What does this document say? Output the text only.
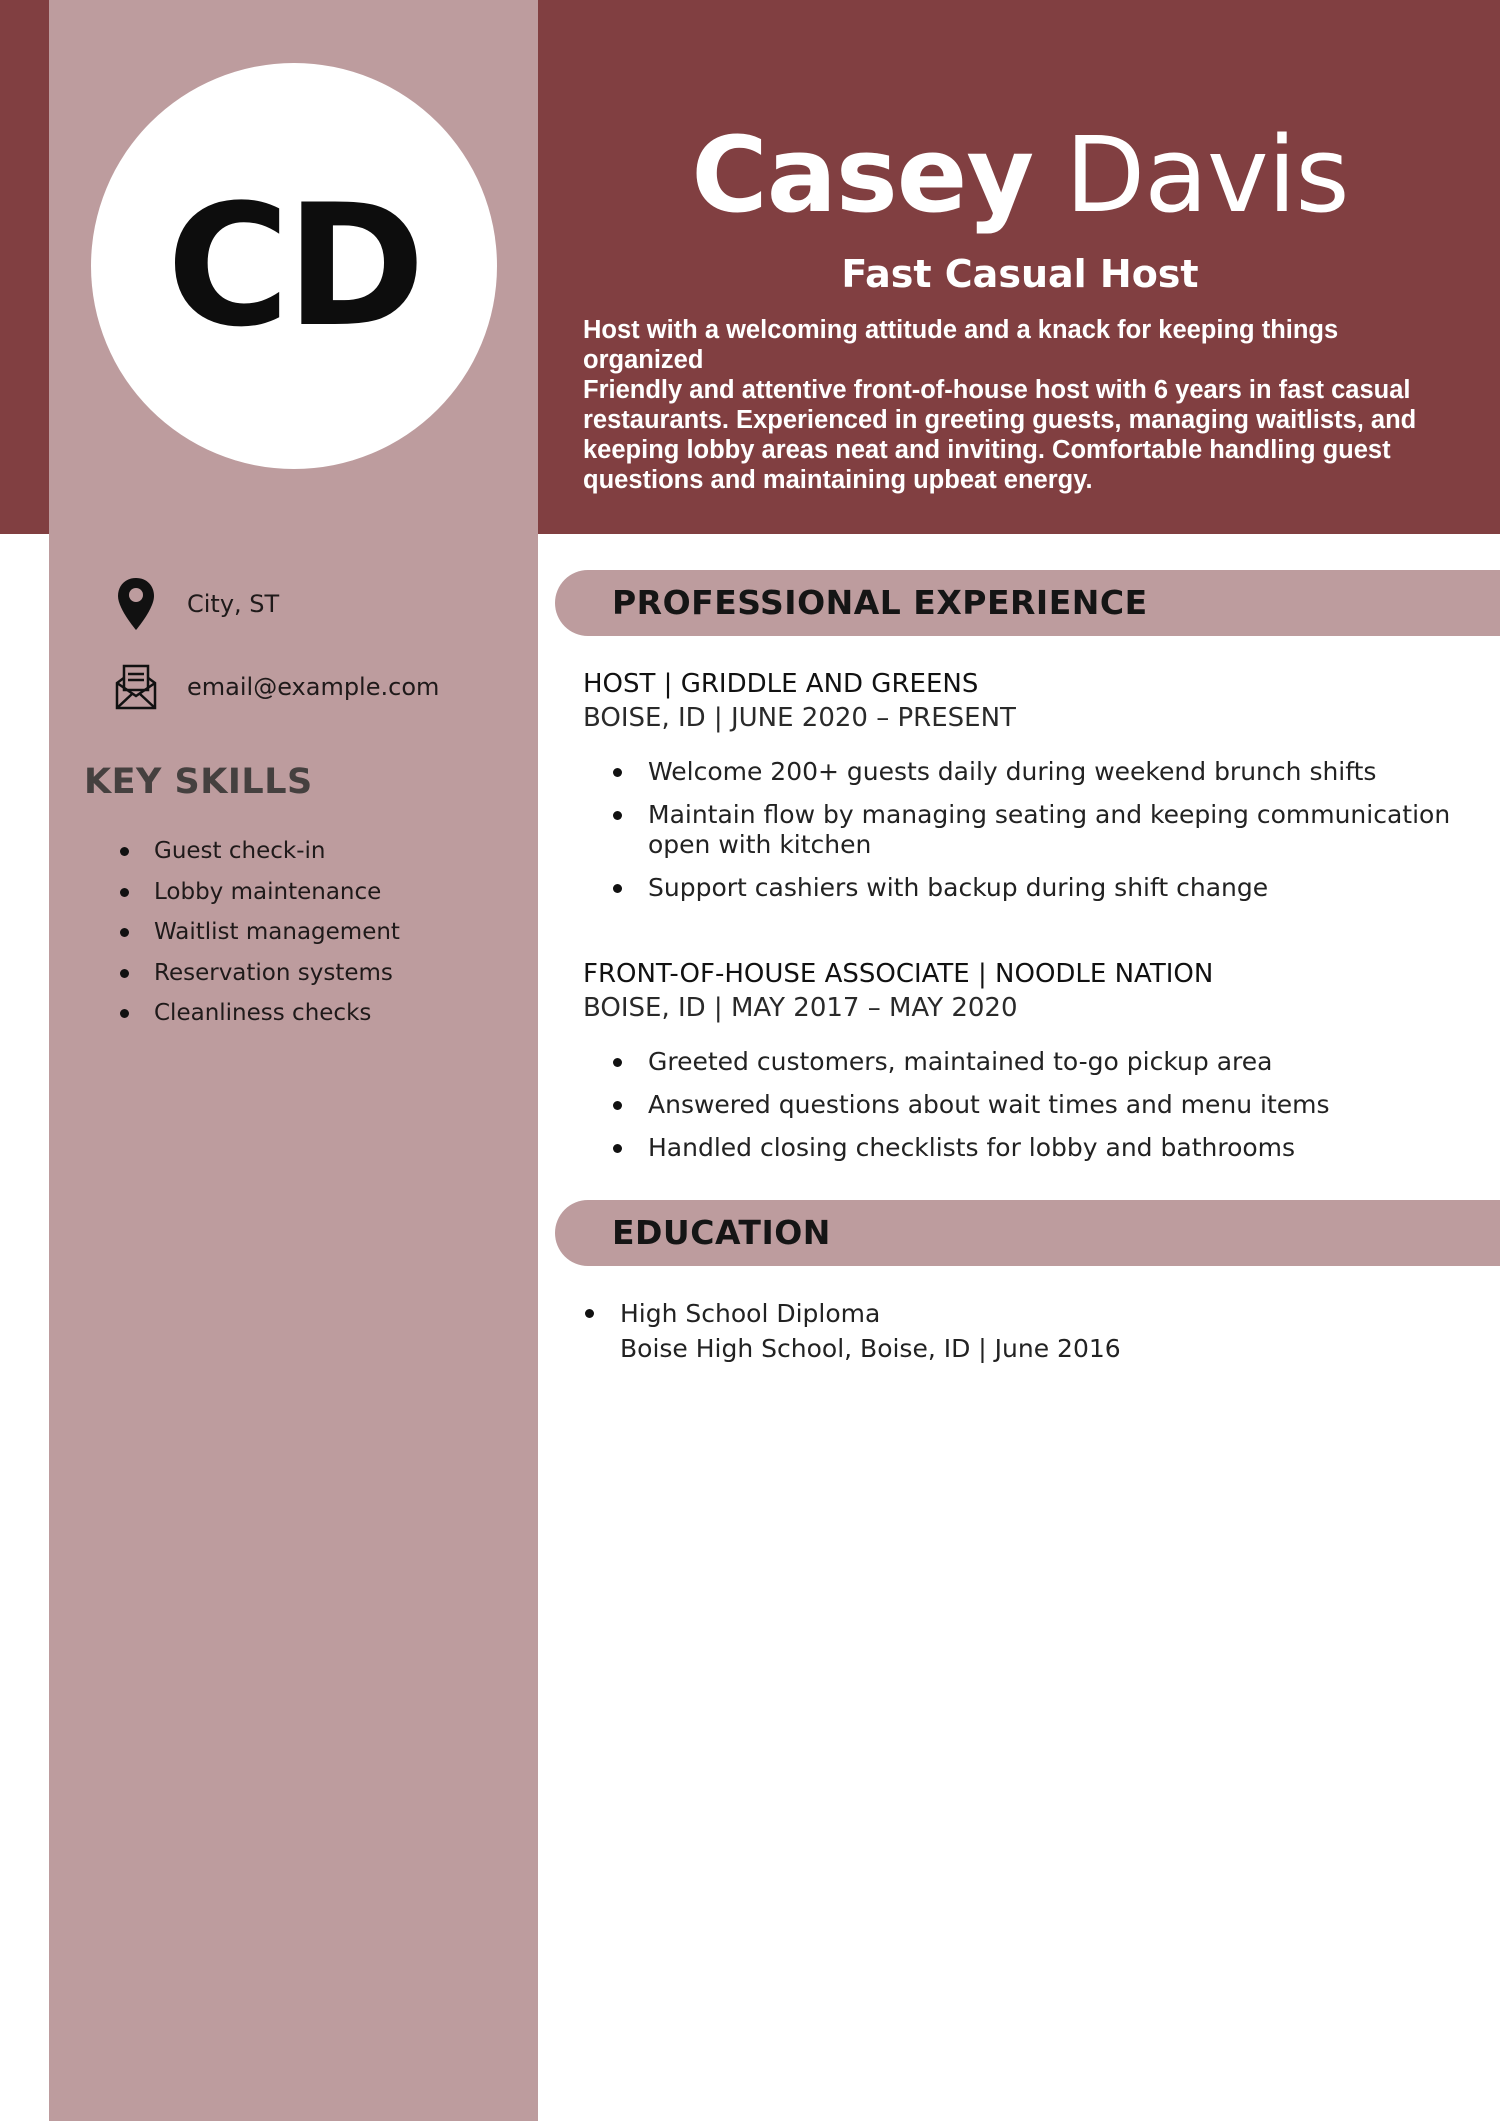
CD	Casey Davis
Fast Casual Host

Host with a welcoming attitude and a knack for keeping things organized

Friendly and attentive front-of-house host with 6 years in fast casual restaurants. Experienced in greeting guests, managing waitlists, and keeping lobby areas neat and inviting. Comfortable handling guest questions and maintaining upbeat energy.

City, ST
email@example.com
KEY SKILLS
Guest check-in
Lobby maintenance
Waitlist management
Reservation systems
Cleanliness checks
PROFESSIONAL EXPERIENCE
HOST | GRIDDLE AND GREENS
BOISE, ID | JUNE 2020 – PRESENT
Welcome 200+ guests daily during weekend brunch shifts
Maintain flow by managing seating and keeping communication open with kitchen
Support cashiers with backup during shift change
FRONT-OF-HOUSE ASSOCIATE | NOODLE NATION
BOISE, ID | MAY 2017 – MAY 2020
Greeted customers, maintained to-go pickup area
Answered questions about wait times and menu items
Handled closing checklists for lobby and bathrooms
EDUCATION
High School Diploma
Boise High School, Boise, ID | June 2016
